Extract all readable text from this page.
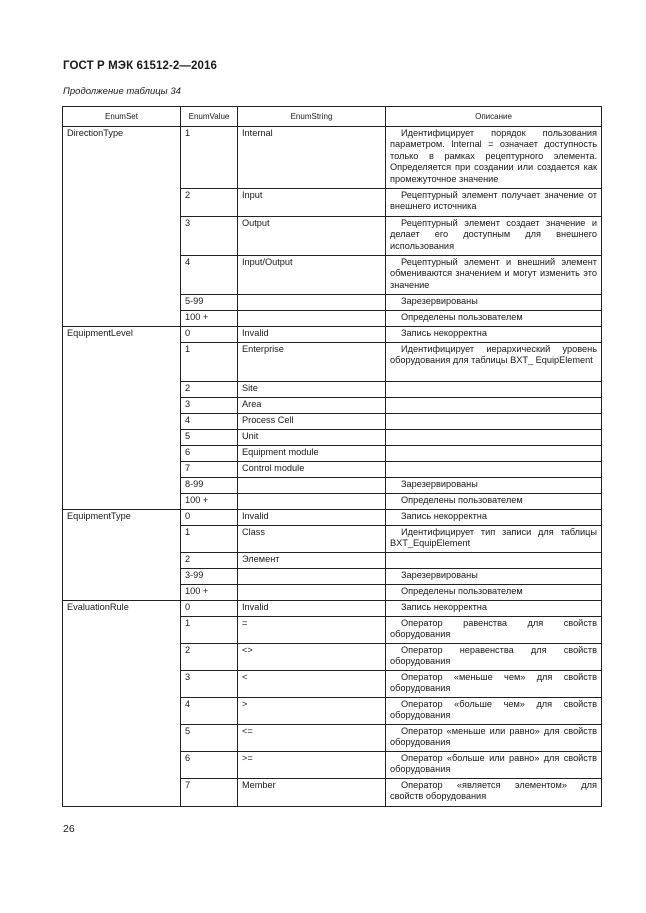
ГОСТ Р МЭК 61512-2—2016
Продолжение таблицы 34
EnumSet	EnumValue	EnumString	Описание
DirectionType	1	Internal	Идентифицирует порядок пользования параметром. Internal = означает доступность только в рамках рецептурного элемента. Определяется при создании или создается как промежуточное значение
	2	Input	Рецептурный элемент получает значение от внешнего источника
	3	Output	Рецептурный элемент создает значение и делает его доступным для внешнего использования
	4	Input/Output	Рецептурный элемент и внешний элемент обмениваются значением и могут изменить это значение
	5-99		Зарезервированы
	100 +		Определены пользователем
EquipmentLevel	0	Invalid	Запись некорректна
	1	Enterprise	Идентифицирует иерархический уровень оборудования для таблицы BXT_ EquipElement
	2	Site	
	3	Area	
	4	Process Cell	
	5	Unit	
	6	Equipment module	
	7	Control module	
	8-99		Зарезервированы
	100 +		Определены пользователем
EquipmentType	0	Invalid	Запись некорректна
	1	Class	Идентифицирует тип записи для таблицы BXT_EquipElement
	2	Элемент	
	3-99		Зарезервированы
	100 +		Определены пользователем
EvaluationRule	0	Invalid	Запись некорректна
	1	=	Оператор равенства для свойств оборудования
	2	<>	Оператор неравенства для свойств оборудования
	3	<	Оператор «меньше чем» для свойств оборудования
	4	>	Оператор «больше чем» для свойств оборудования
	5	<=	Оператор «меньше или равно» для свойств оборудования
	6	>=	Оператор «больше или равно» для свойств оборудования
	7	Member	Оператор «является элементом» для свойств оборудования
26
